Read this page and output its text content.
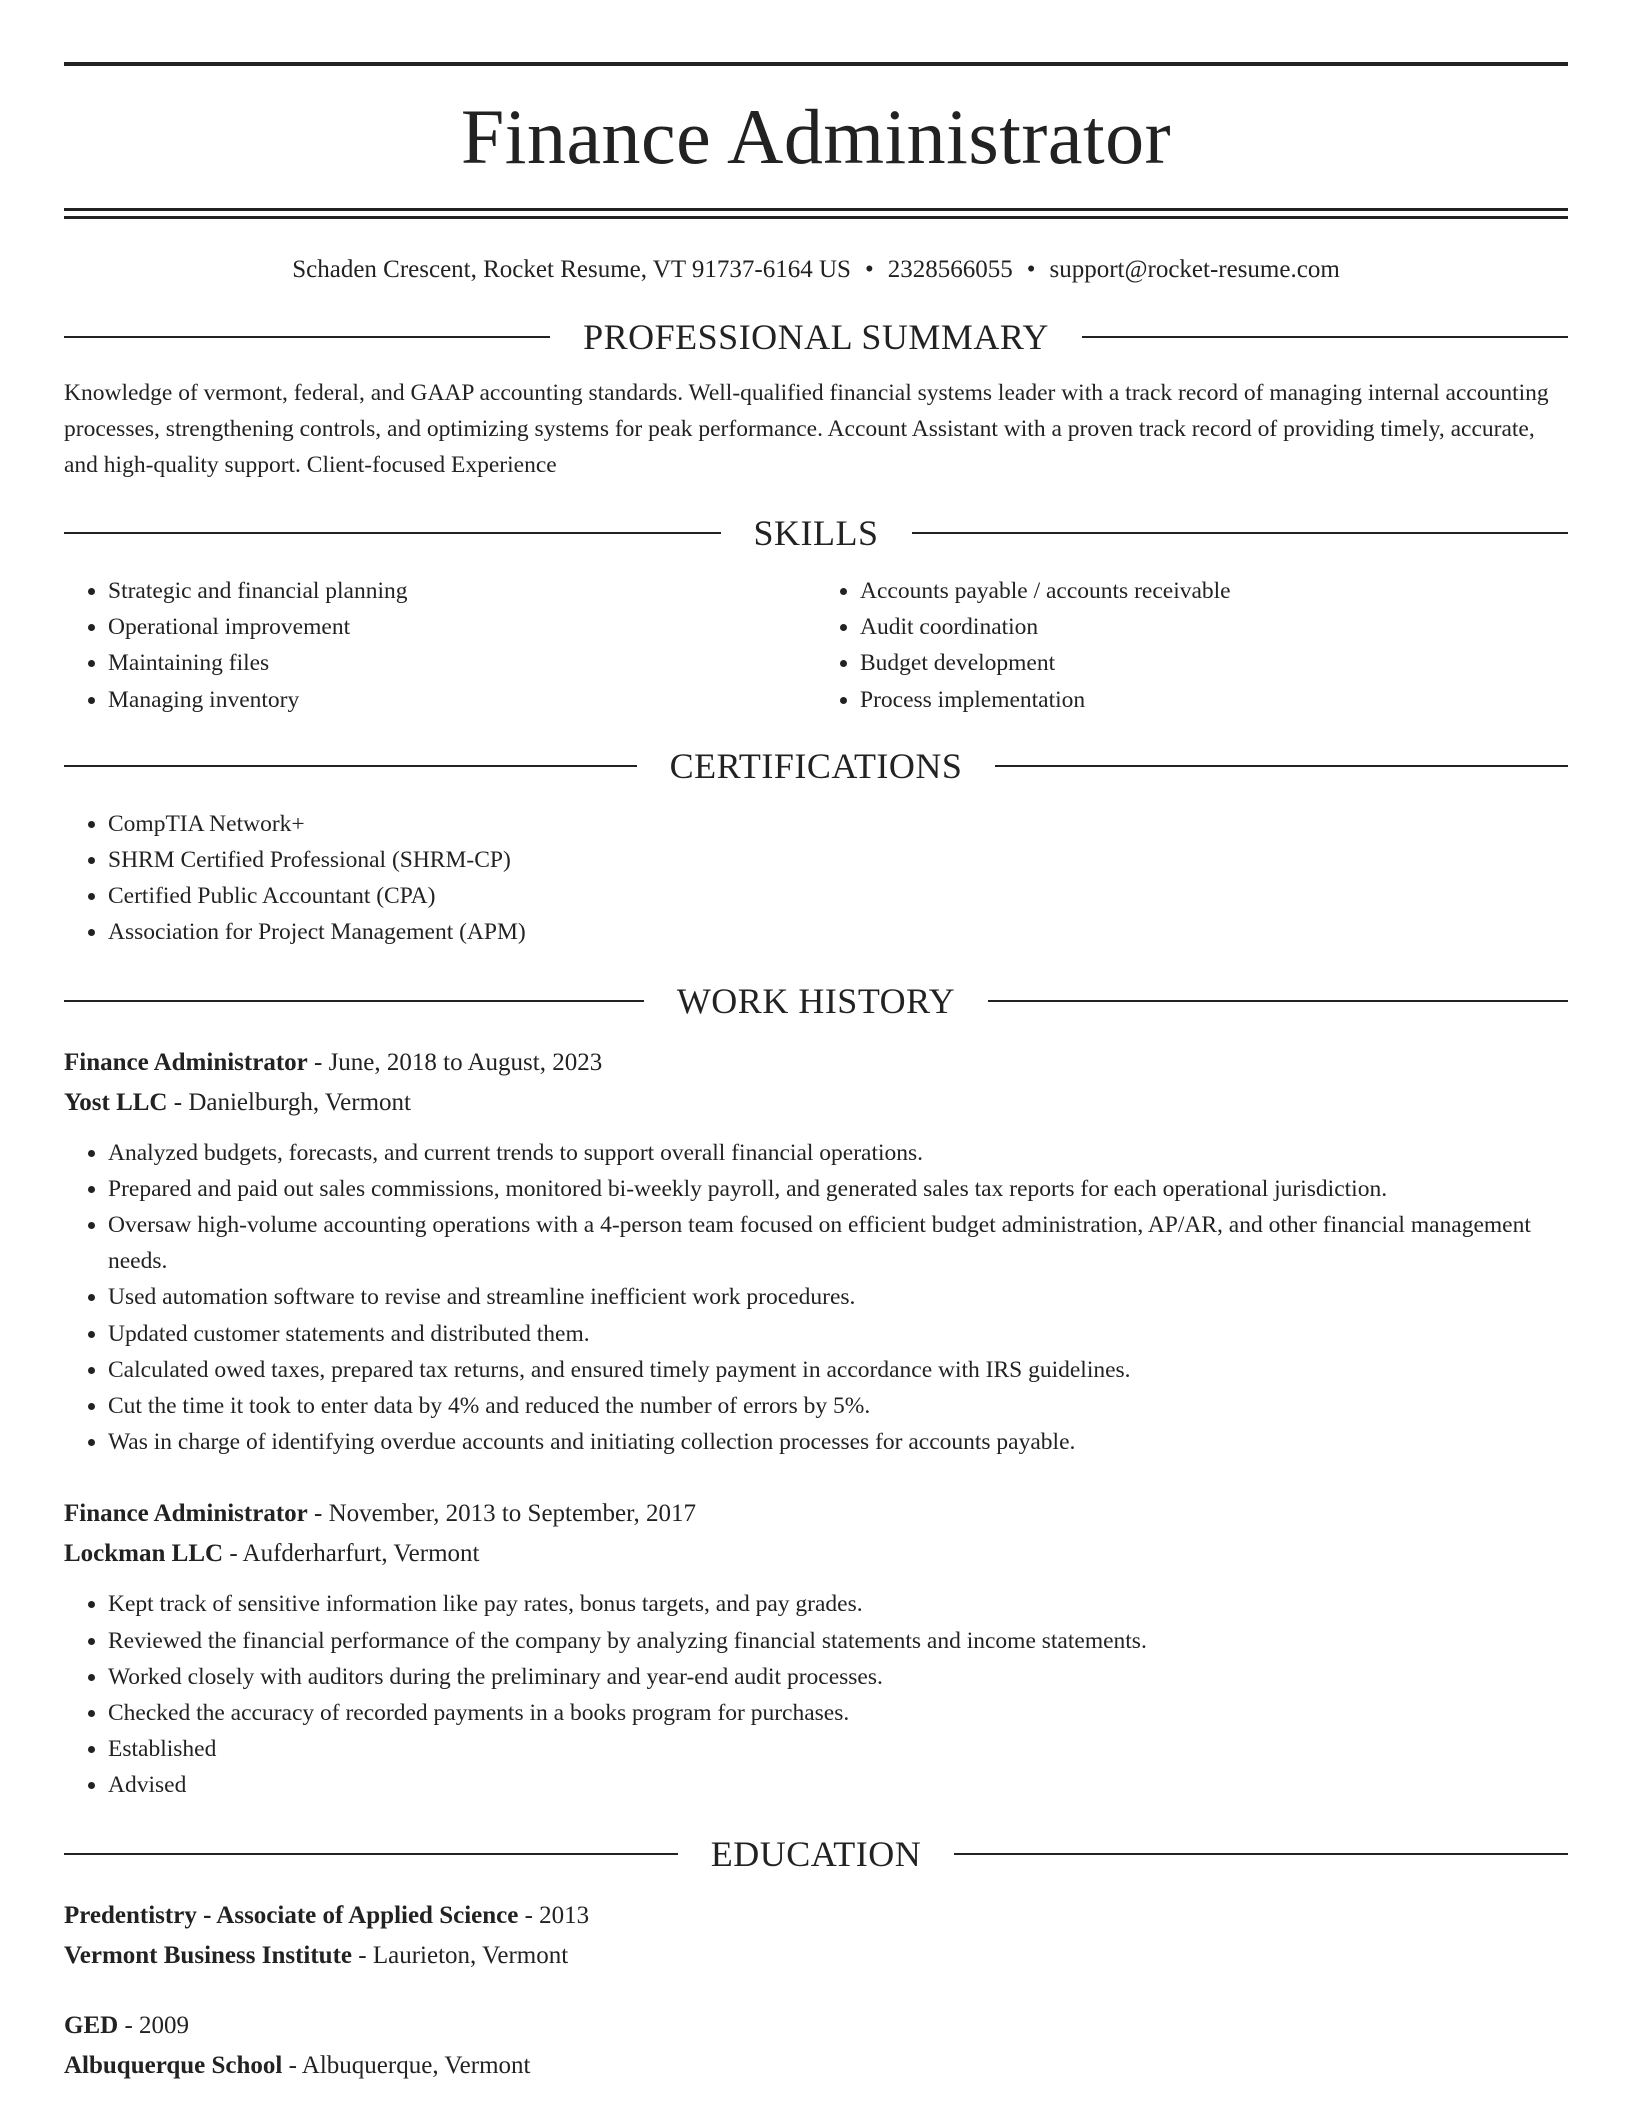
Finance Administrator
Schaden Crescent, Rocket Resume, VT 91737-6164 US • 2328566055 • support@rocket-resume.com
PROFESSIONAL SUMMARY
Knowledge of vermont, federal, and GAAP accounting standards. Well-qualified financial systems leader with a track record of managing internal accounting processes, strengthening controls, and optimizing systems for peak performance. Account Assistant with a proven track record of providing timely, accurate, and high-quality support. Client-focused Experience
SKILLS
• Strategic and financial planning
• Operational improvement
• Maintaining files
• Managing inventory
• Accounts payable / accounts receivable
• Audit coordination
• Budget development
• Process implementation
CERTIFICATIONS
• CompTIA Network+
• SHRM Certified Professional (SHRM-CP)
• Certified Public Accountant (CPA)
• Association for Project Management (APM)
WORK HISTORY
Finance Administrator - June, 2018 to August, 2023
Yost LLC - Danielburgh, Vermont
• Analyzed budgets, forecasts, and current trends to support overall financial operations.
• Prepared and paid out sales commissions, monitored bi-weekly payroll, and generated sales tax reports for each operational jurisdiction.
• Oversaw high-volume accounting operations with a 4-person team focused on efficient budget administration, AP/AR, and other financial management needs.
• Used automation software to revise and streamline inefficient work procedures.
• Updated customer statements and distributed them.
• Calculated owed taxes, prepared tax returns, and ensured timely payment in accordance with IRS guidelines.
• Cut the time it took to enter data by 4% and reduced the number of errors by 5%.
• Was in charge of identifying overdue accounts and initiating collection processes for accounts payable.
Finance Administrator - November, 2013 to September, 2017
Lockman LLC - Aufderharfurt, Vermont
• Kept track of sensitive information like pay rates, bonus targets, and pay grades.
• Reviewed the financial performance of the company by analyzing financial statements and income statements.
• Worked closely with auditors during the preliminary and year-end audit processes.
• Checked the accuracy of recorded payments in a books program for purchases.
• Established
• Advised
EDUCATION
Predentistry - Associate of Applied Science - 2013
Vermont Business Institute - Laurieton, Vermont
GED - 2009
Albuquerque School - Albuquerque, Vermont
